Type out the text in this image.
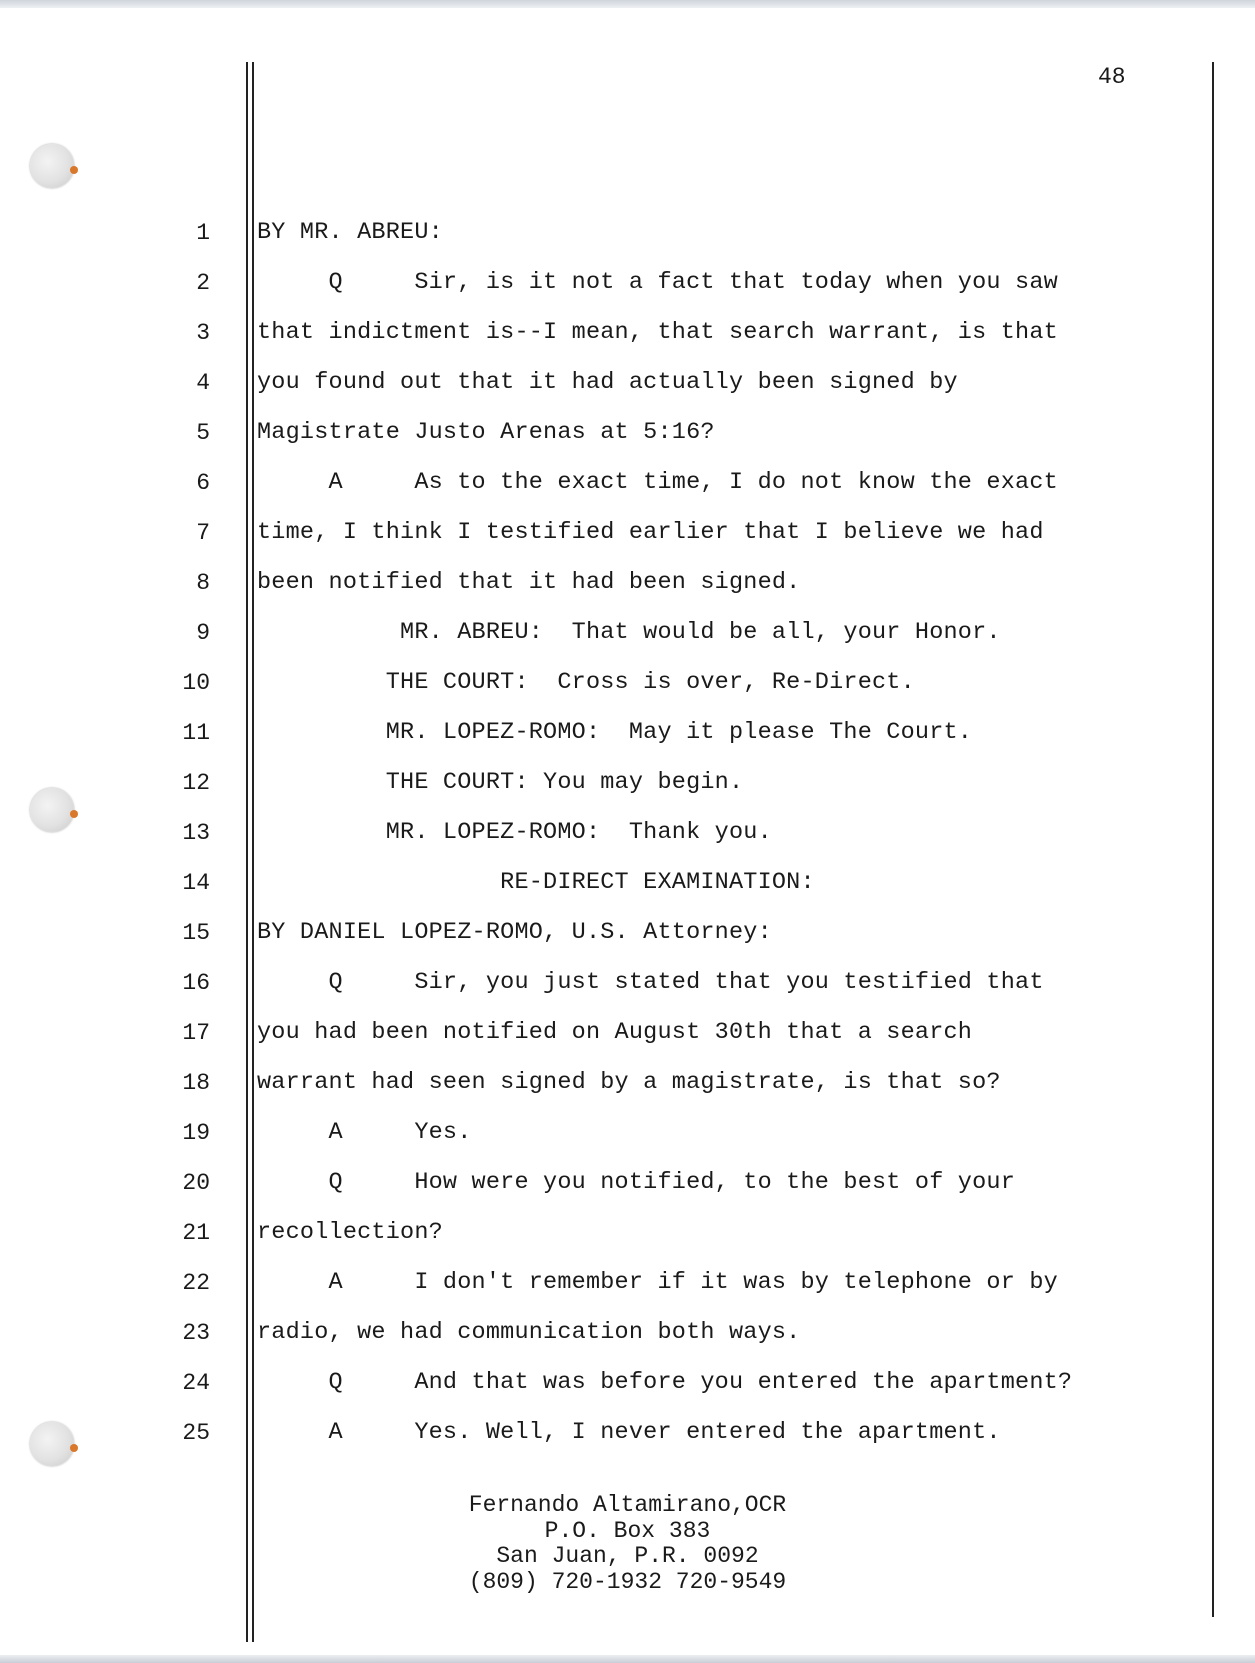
48
1
2
3
4
5
6
7
8
9
10
11
12
13
14
15
16
17
18
19
20
21
22
23
24
25
BY MR. ABREU:
Q     Sir, is it not a fact that today when you saw
that indictment is--I mean, that search warrant, is that
you found out that it had actually been signed by
Magistrate Justo Arenas at 5:16?
A     As to the exact time, I do not know the exact
time, I think I testified earlier that I believe we had
been notified that it had been signed.
MR. ABREU:  That would be all, your Honor.
THE COURT:  Cross is over, Re-Direct.
MR. LOPEZ-ROMO:  May it please The Court.
THE COURT: You may begin.
MR. LOPEZ-ROMO:  Thank you.
RE-DIRECT EXAMINATION:
BY DANIEL LOPEZ-ROMO, U.S. Attorney:
Q     Sir, you just stated that you testified that
you had been notified on August 30th that a search
warrant had seen signed by a magistrate, is that so?
A     Yes.
Q     How were you notified, to the best of your
recollection?
A     I don't remember if it was by telephone or by
radio, we had communication both ways.
Q     And that was before you entered the apartment?
A     Yes. Well, I never entered the apartment.
Fernando Altamirano,OCR
P.O. Box 383
San Juan, P.R. 0092
(809) 720-1932 720-9549
